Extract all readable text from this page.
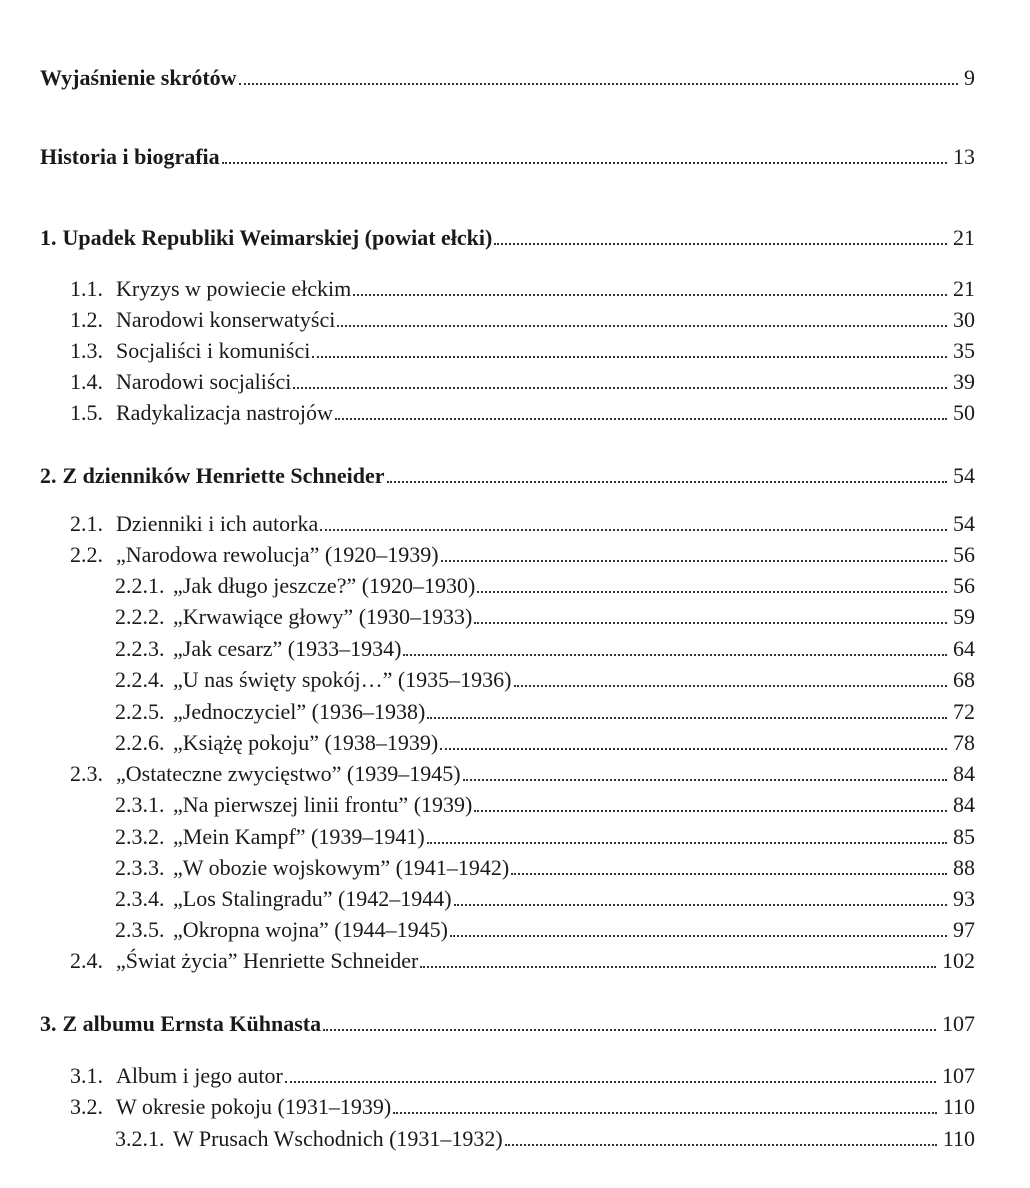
Wyjaśnienie skrótów	9
Historia i biografia	13
1. Upadek Republiki Weimarskiej (powiat ełcki)	21
1.1. Kryzys w powiecie ełckim	21
1.2. Narodowi konserwatyści	30
1.3. Socjaliści i komuniści	35
1.4. Narodowi socjaliści	39
1.5. Radykalizacja nastrojów	50
2. Z dzienników Henriette Schneider	54
2.1. Dzienniki i ich autorka	54
2.2. „Narodowa rewolucja” (1920–1939)	56
2.2.1. „Jak długo jeszcze?” (1920–1930)	56
2.2.2. „Krwawiące głowy” (1930–1933)	59
2.2.3. „Jak cesarz” (1933–1934)	64
2.2.4. „U nas święty spokój…” (1935–1936)	68
2.2.5. „Jednoczyciel” (1936–1938)	72
2.2.6. „Książę pokoju” (1938–1939)	78
2.3. „Ostateczne zwycięstwo” (1939–1945)	84
2.3.1. „Na pierwszej linii frontu” (1939)	84
2.3.2. „Mein Kampf” (1939–1941)	85
2.3.3. „W obozie wojskowym” (1941–1942)	88
2.3.4. „Los Stalingradu” (1942–1944)	93
2.3.5. „Okropna wojna” (1944–1945)	97
2.4. „Świat życia” Henriette Schneider	102
3. Z albumu Ernsta Kühnasta	107
3.1. Album i jego autor	107
3.2. W okresie pokoju (1931–1939)	110
3.2.1. W Prusach Wschodnich (1931–1932)	110
